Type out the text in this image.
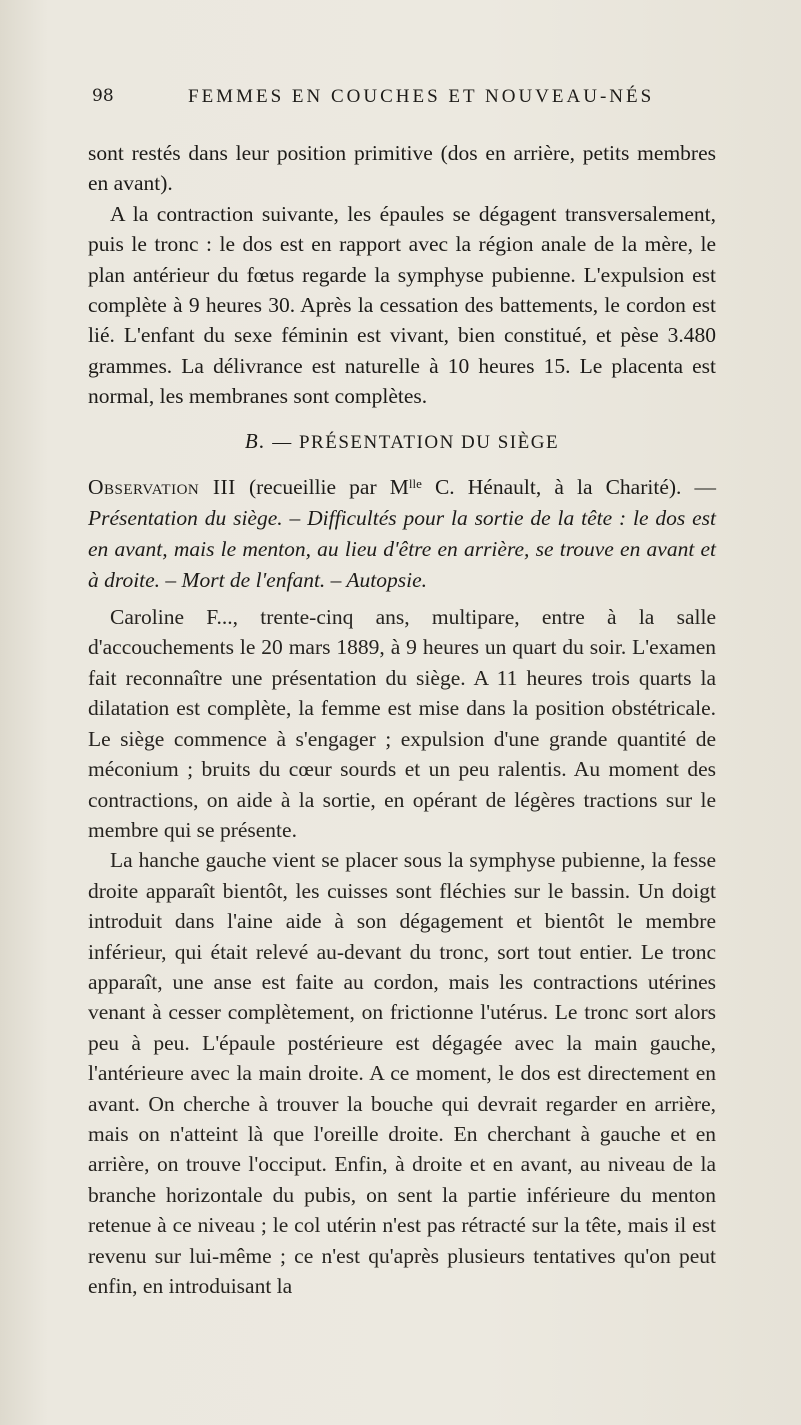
98	FEMMES EN COUCHES ET NOUVEAU-NÉS

sont restés dans leur position primitive (dos en arrière, petits membres en avant).

A la contraction suivante, les épaules se dégagent transversalement, puis le tronc : le dos est en rapport avec la région anale de la mère, le plan antérieur du fœtus regarde la symphyse pubienne. L'expulsion est complète à 9 heures 30. Après la cessation des battements, le cordon est lié. L'enfant du sexe féminin est vivant, bien constitué, et pèse 3.480 grammes. La délivrance est naturelle à 10 heures 15. Le placenta est normal, les membranes sont complètes.

B. — PRÉSENTATION DU SIÈGE

Observation III (recueillie par $M^{lle}$ C. Hénault, à la Charité). — Présentation du siège. – Difficultés pour la sortie de la tête : le dos est en avant, mais le menton, au lieu d'être en arrière, se trouve en avant et à droite. – Mort de l'enfant. – Autopsie.

Caroline F..., trente-cinq ans, multipare, entre à la salle d'accouchements le 20 mars 1889, à 9 heures un quart du soir. L'examen fait reconnaître une présentation du siège. A 11 heures trois quarts la dilatation est complète, la femme est mise dans la position obstétricale. Le siège commence à s'engager ; expulsion d'une grande quantité de méconium ; bruits du cœur sourds et un peu ralentis. Au moment des contractions, on aide à la sortie, en opérant de légères tractions sur le membre qui se présente.

La hanche gauche vient se placer sous la symphyse pubienne, la fesse droite apparaît bientôt, les cuisses sont fléchies sur le bassin. Un doigt introduit dans l'aine aide à son dégagement et bientôt le membre inférieur, qui était relevé au-devant du tronc, sort tout entier. Le tronc apparaît, une anse est faite au cordon, mais les contractions utérines venant à cesser complètement, on frictionne l'utérus. Le tronc sort alors peu à peu. L'épaule postérieure est dégagée avec la main gauche, l'antérieure avec la main droite. A ce moment, le dos est directement en avant. On cherche à trouver la bouche qui devrait regarder en arrière, mais on n'atteint là que l'oreille droite. En cherchant à gauche et en arrière, on trouve l'occiput. Enfin, à droite et en avant, au niveau de la branche horizontale du pubis, on sent la partie inférieure du menton retenue à ce niveau ; le col utérin n'est pas rétracté sur la tête, mais il est revenu sur lui-même ; ce n'est qu'après plusieurs tentatives qu'on peut enfin, en introduisant la
